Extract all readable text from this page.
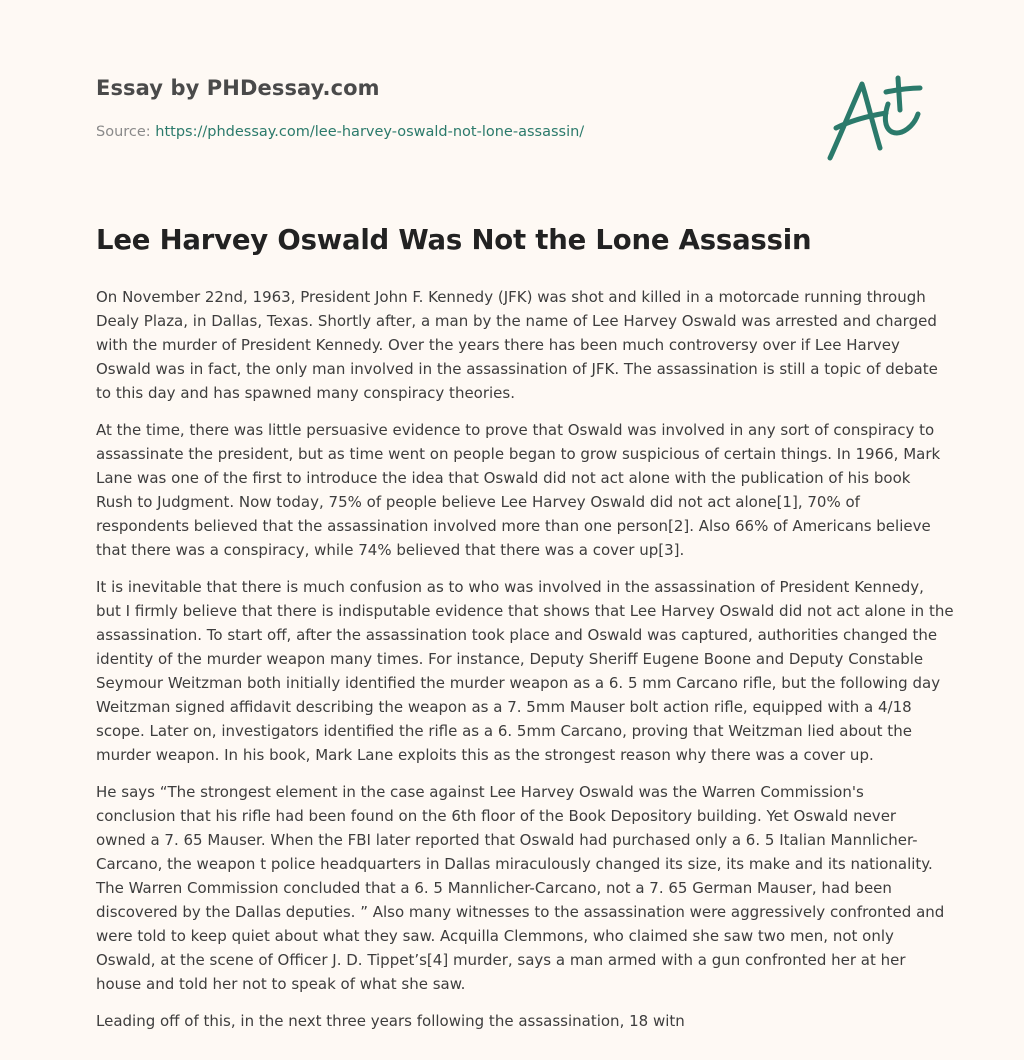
Essay by PHDessay.com
Source: https://phdessay.com/lee-harvey-oswald-not-lone-assassin/
Lee Harvey Oswald Was Not the Lone Assassin

On November 22nd, 1963, President John F. Kennedy (JFK) was shot and killed in a motorcade running through
Dealy Plaza, in Dallas, Texas. Shortly after, a man by the name of Lee Harvey Oswald was arrested and charged
with the murder of President Kennedy. Over the years there has been much controversy over if Lee Harvey
Oswald was in fact, the only man involved in the assassination of JFK. The assassination is still a topic of debate
to this day and has spawned many conspiracy theories.

At the time, there was little persuasive evidence to prove that Oswald was involved in any sort of conspiracy to
assassinate the president, but as time went on people began to grow suspicious of certain things. In 1966, Mark
Lane was one of the first to introduce the idea that Oswald did not act alone with the publication of his book
Rush to Judgment. Now today, 75% of people believe Lee Harvey Oswald did not act alone[1], 70% of
respondents believed that the assassination involved more than one person[2]. Also 66% of Americans believe
that there was a conspiracy, while 74% believed that there was a cover up[3].

It is inevitable that there is much confusion as to who was involved in the assassination of President Kennedy,
but I firmly believe that there is indisputable evidence that shows that Lee Harvey Oswald did not act alone in the
assassination. To start off, after the assassination took place and Oswald was captured, authorities changed the
identity of the murder weapon many times. For instance, Deputy Sheriff Eugene Boone and Deputy Constable
Seymour Weitzman both initially identified the murder weapon as a 6. 5 mm Carcano rifle, but the following day
Weitzman signed affidavit describing the weapon as a 7. 5mm Mauser bolt action rifle, equipped with a 4/18
scope. Later on, investigators identified the rifle as a 6. 5mm Carcano, proving that Weitzman lied about the
murder weapon. In his book, Mark Lane exploits this as the strongest reason why there was a cover up.

He says “The strongest element in the case against Lee Harvey Oswald was the Warren Commission's
conclusion that his rifle had been found on the 6th floor of the Book Depository building. Yet Oswald never
owned a 7. 65 Mauser. When the FBI later reported that Oswald had purchased only a 6. 5 Italian Mannlicher-
Carcano, the weapon t police headquarters in Dallas miraculously changed its size, its make and its nationality.
The Warren Commission concluded that a 6. 5 Mannlicher-Carcano, not a 7. 65 German Mauser, had been
discovered by the Dallas deputies. ” Also many witnesses to the assassination were aggressively confronted and
were told to keep quiet about what they saw. Acquilla Clemmons, who claimed she saw two men, not only
Oswald, at the scene of Officer J. D. Tippet’s[4] murder, says a man armed with a gun confronted her at her
house and told her not to speak of what she saw.

Leading off of this, in the next three years following the assassination, 18 witn
